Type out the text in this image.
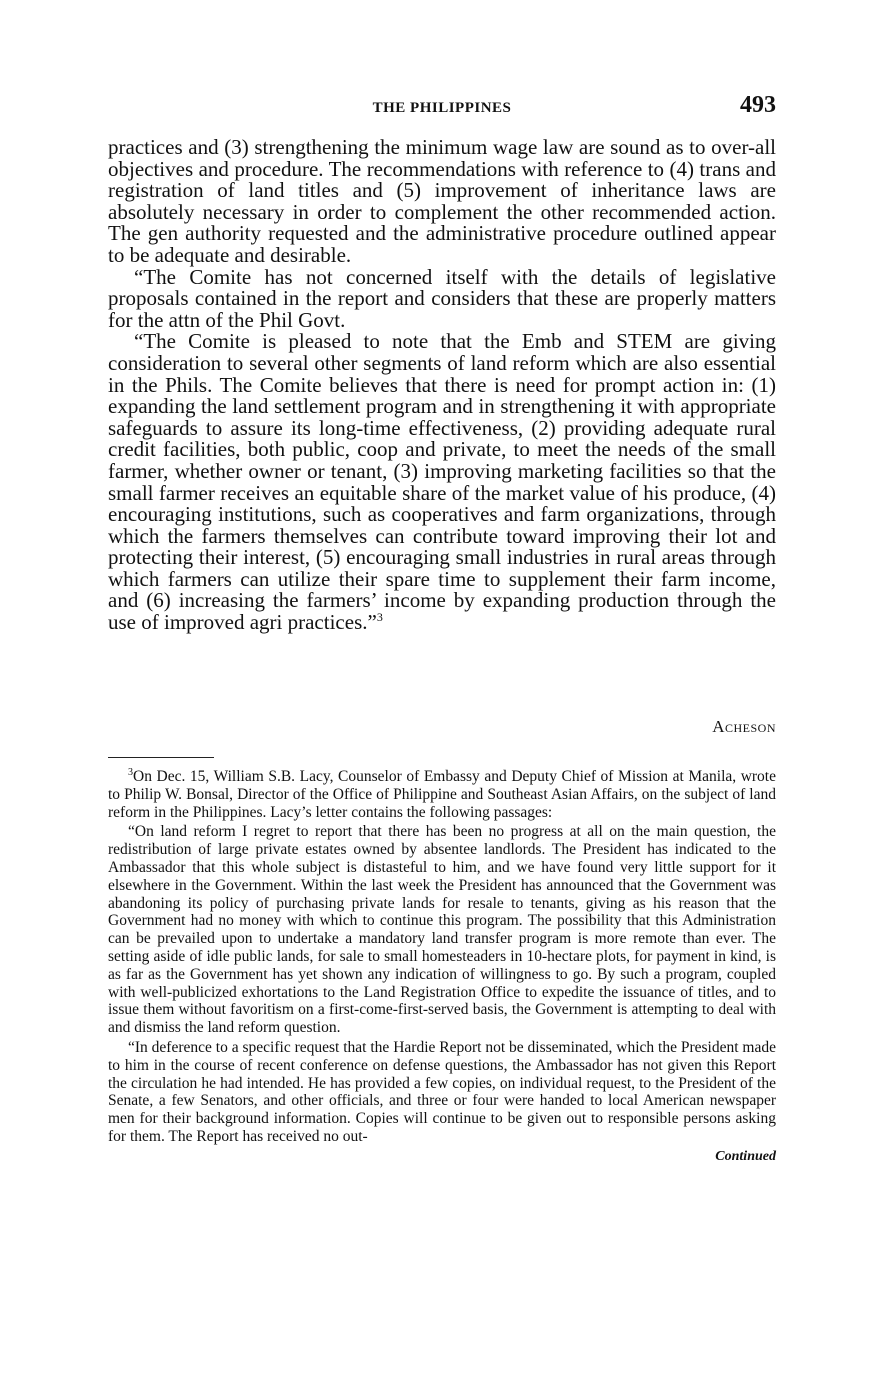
THE PHILIPPINES	493

practices and (3) strengthening the minimum wage law are sound as to over-all objectives and procedure. The recommendations with reference to (4) trans and registration of land titles and (5) improvement of inheritance laws are absolutely necessary in order to complement the other recommended action. The gen authority requested and the administrative procedure outlined appear to be adequate and desirable.

“The Comite has not concerned itself with the details of legislative proposals contained in the report and considers that these are properly matters for the attn of the Phil Govt.

“The Comite is pleased to note that the Emb and STEM are giving consideration to several other segments of land reform which are also essential in the Phils. The Comite believes that there is need for prompt action in: (1) expanding the land settlement program and in strengthening it with appropriate safeguards to assure its long-time effectiveness, (2) providing adequate rural credit facilities, both public, coop and private, to meet the needs of the small farmer, whether owner or tenant, (3) improving marketing facilities so that the small farmer receives an equitable share of the market value of his produce, (4) encouraging institutions, such as cooperatives and farm organizations, through which the farmers themselves can contribute toward improving their lot and protecting their interest, (5) encouraging small industries in rural areas through which farmers can utilize their spare time to supplement their farm income, and (6) increasing the farmers’ income by expanding production through the use of improved agri practices.”$^3$

Acheson

$^3$On Dec. 15, William S.B. Lacy, Counselor of Embassy and Deputy Chief of Mission at Manila, wrote to Philip W. Bonsal, Director of the Office of Philippine and Southeast Asian Affairs, on the subject of land reform in the Philippines. Lacy’s letter contains the following passages:

“On land reform I regret to report that there has been no progress at all on the main question, the redistribution of large private estates owned by absentee landlords. The President has indicated to the Ambassador that this whole subject is distasteful to him, and we have found very little support for it elsewhere in the Government. Within the last week the President has announced that the Government was abandoning its policy of purchasing private lands for resale to tenants, giving as his reason that the Government had no money with which to continue this program. The possibility that this Administration can be prevailed upon to undertake a mandatory land transfer program is more remote than ever. The setting aside of idle public lands, for sale to small homesteaders in 10-hectare plots, for payment in kind, is as far as the Government has yet shown any indication of willingness to go. By such a program, coupled with well-publicized exhortations to the Land Registration Office to expedite the issuance of titles, and to issue them without favoritism on a first-come-first-served basis, the Government is attempting to deal with and dismiss the land reform question.

“In deference to a specific request that the Hardie Report not be disseminated, which the President made to him in the course of recent conference on defense questions, the Ambassador has not given this Report the circulation he had intended. He has provided a few copies, on individual request, to the President of the Senate, a few Senators, and other officials, and three or four were handed to local American newspaper men for their background information. Copies will continue to be given out to responsible persons asking for them. The Report has received no out-

Continued
